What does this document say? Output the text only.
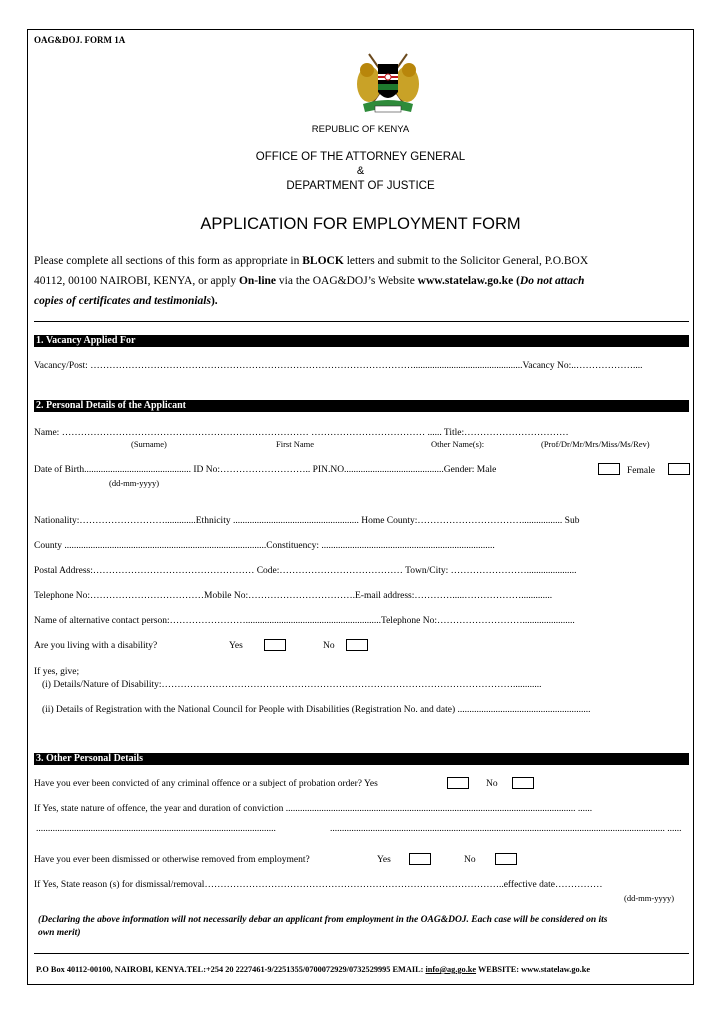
OAG&DOJ. FORM 1A
REPUBLIC OF KENYA
OFFICE OF THE ATTORNEY GENERAL
&
DEPARTMENT OF JUSTICE
APPLICATION FOR EMPLOYMENT FORM
Please complete all sections of this form as appropriate in BLOCK letters and submit to the Solicitor General, P.O.BOX
40112, 00100 NAIROBI, KENYA, or apply On-line via the OAG&DOJ’s Website www.statelaw.go.ke (Do not attach
copies of certificates and testimonials).
1. Vacancy Applied For
Vacancy/Post: …………………………………………………………………………………………..............................................Vacancy No:..………………....
2. Personal Details of the Applicant
Name: …………………………………………………………………… ……………………………… ...... Title:……………………………
(Surname)	First Name	Other Name(s):	(Prof/Dr/Mr/Mrs/Miss/Ms/Rev)
Date of Birth............................................. ID No:……………………….. PIN.NO..........................................Gender: Male	Female
(dd-mm-yyyy)
Nationality:……………………….............Ethnicity ..................................................... Home County:……………………………................. Sub
County .....................................................................................Constituency: .........................................................................
Postal Address:…………………………………………… Code:………………………………… Town/City: …………………….....................
Telephone No:………………………………Mobile No:…………………………….E-mail address:………….....……………….............
Name of alternative contact person:…………………….........................................................Telephone No:………………………......................
Are you living with a disability?	Yes	No
If yes, give;
(i) Details/Nature of Disability:…………………………………………………………………………………………………............
(ii) Details of Registration with the National Council for People with Disabilities (Registration No. and date) ........................................................
3. Other Personal Details
Have you ever been convicted of any criminal offence or a subject of probation order? Yes	No
If Yes, state nature of offence, the year and duration of conviction .......................................................................................................................... ......
.....................................................................................................	............................................................................................................................................. ......
Have you ever been dismissed or otherwise removed from employment?	Yes	No
If Yes, State reason (s) for dismissal/removal…………………………………………………………………………………..effective date……………
(dd-mm-yyyy)
(Declaring the above information will not necessarily debar an applicant from employment in the OAG&DOJ. Each case will be considered on its
own merit)
P.O Box 40112-00100, NAIROBI, KENYA.TEL:+254 20 2227461-9/2251355/0700072929/0732529995 EMAIL: info@ag.go.ke WEBSITE: www.statelaw.go.ke
